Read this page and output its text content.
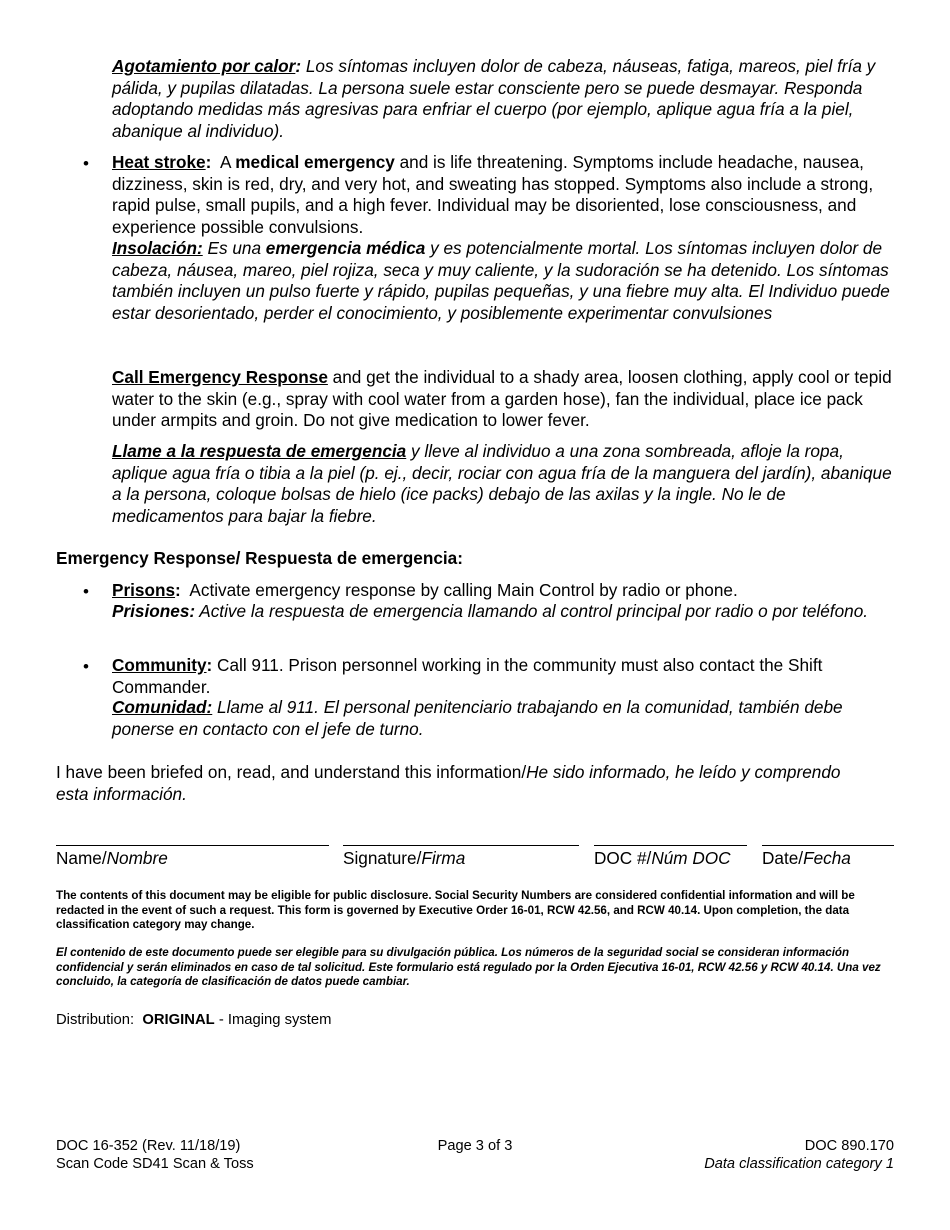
Agotamiento por calor: Los síntomas incluyen dolor de cabeza, náuseas, fatiga, mareos, piel fría y pálida, y pupilas dilatadas. La persona suele estar consciente pero se puede desmayar. Responda adoptando medidas más agresivas para enfriar el cuerpo (por ejemplo, aplique agua fría a la piel, abanique al individuo).

• Heat stroke:  A medical emergency and is life threatening. Symptoms include headache, nausea, dizziness, skin is red, dry, and very hot, and sweating has stopped. Symptoms also include a strong, rapid pulse, small pupils, and a high fever. Individual may be disoriented, lose consciousness, and experience possible convulsions.

Insolación: Es una emergencia médica y es potencialmente mortal. Los síntomas incluyen dolor de cabeza, náusea, mareo, piel rojiza, seca y muy caliente, y la sudoración se ha detenido. Los síntomas también incluyen un pulso fuerte y rápido, pupilas pequeñas, y una fiebre muy alta. El Individuo puede estar desorientado, perder el conocimiento, y posiblemente experimentar convulsiones

Call Emergency Response and get the individual to a shady area, loosen clothing, apply cool or tepid water to the skin (e.g., spray with cool water from a garden hose), fan the individual, place ice pack under armpits and groin. Do not give medication to lower fever.

Llame a la respuesta de emergencia y lleve al individuo a una zona sombreada, afloje la ropa, aplique agua fría o tibia a la piel (p. ej., decir, rociar con agua fría de la manguera del jardín), abanique a la persona, coloque bolsas de hielo (ice packs) debajo de las axilas y la ingle. No le de medicamentos para bajar la fiebre.

Emergency Response/ Respuesta de emergencia:

• Prisons:  Activate emergency response by calling Main Control by radio or phone.

Prisiones: Active la respuesta de emergencia llamando al control principal por radio o por teléfono.

• Community: Call 911. Prison personnel working in the community must also contact the Shift Commander.

Comunidad: Llame al 911. El personal penitenciario trabajando en la comunidad, también debe ponerse en contacto con el jefe de turno.

I have been briefed on, read, and understand this information/He sido informado, he leído y comprendo esta información.

Name/Nombre	Signature/Firma	DOC #/Núm DOC Date/Fecha

The contents of this document may be eligible for public disclosure. Social Security Numbers are considered confidential information and will be redacted in the event of such a request. This form is governed by Executive Order 16-01, RCW 42.56, and RCW 40.14. Upon completion, the data classification category may change.

El contenido de este documento puede ser elegible para su divulgación pública. Los números de la seguridad social se consideran información confidencial y serán eliminados en caso de tal solicitud. Este formulario está regulado por la Orden Ejecutiva 16-01, RCW 42.56 y RCW 40.14. Una vez concluido, la categoría de clasificación de datos puede cambiar.

Distribution:  ORIGINAL - Imaging system

DOC 16-352 (Rev. 11/18/19)
Scan Code SD41 Scan & Toss
Page 3 of 3	DOC 890.170
Data classification category 1
